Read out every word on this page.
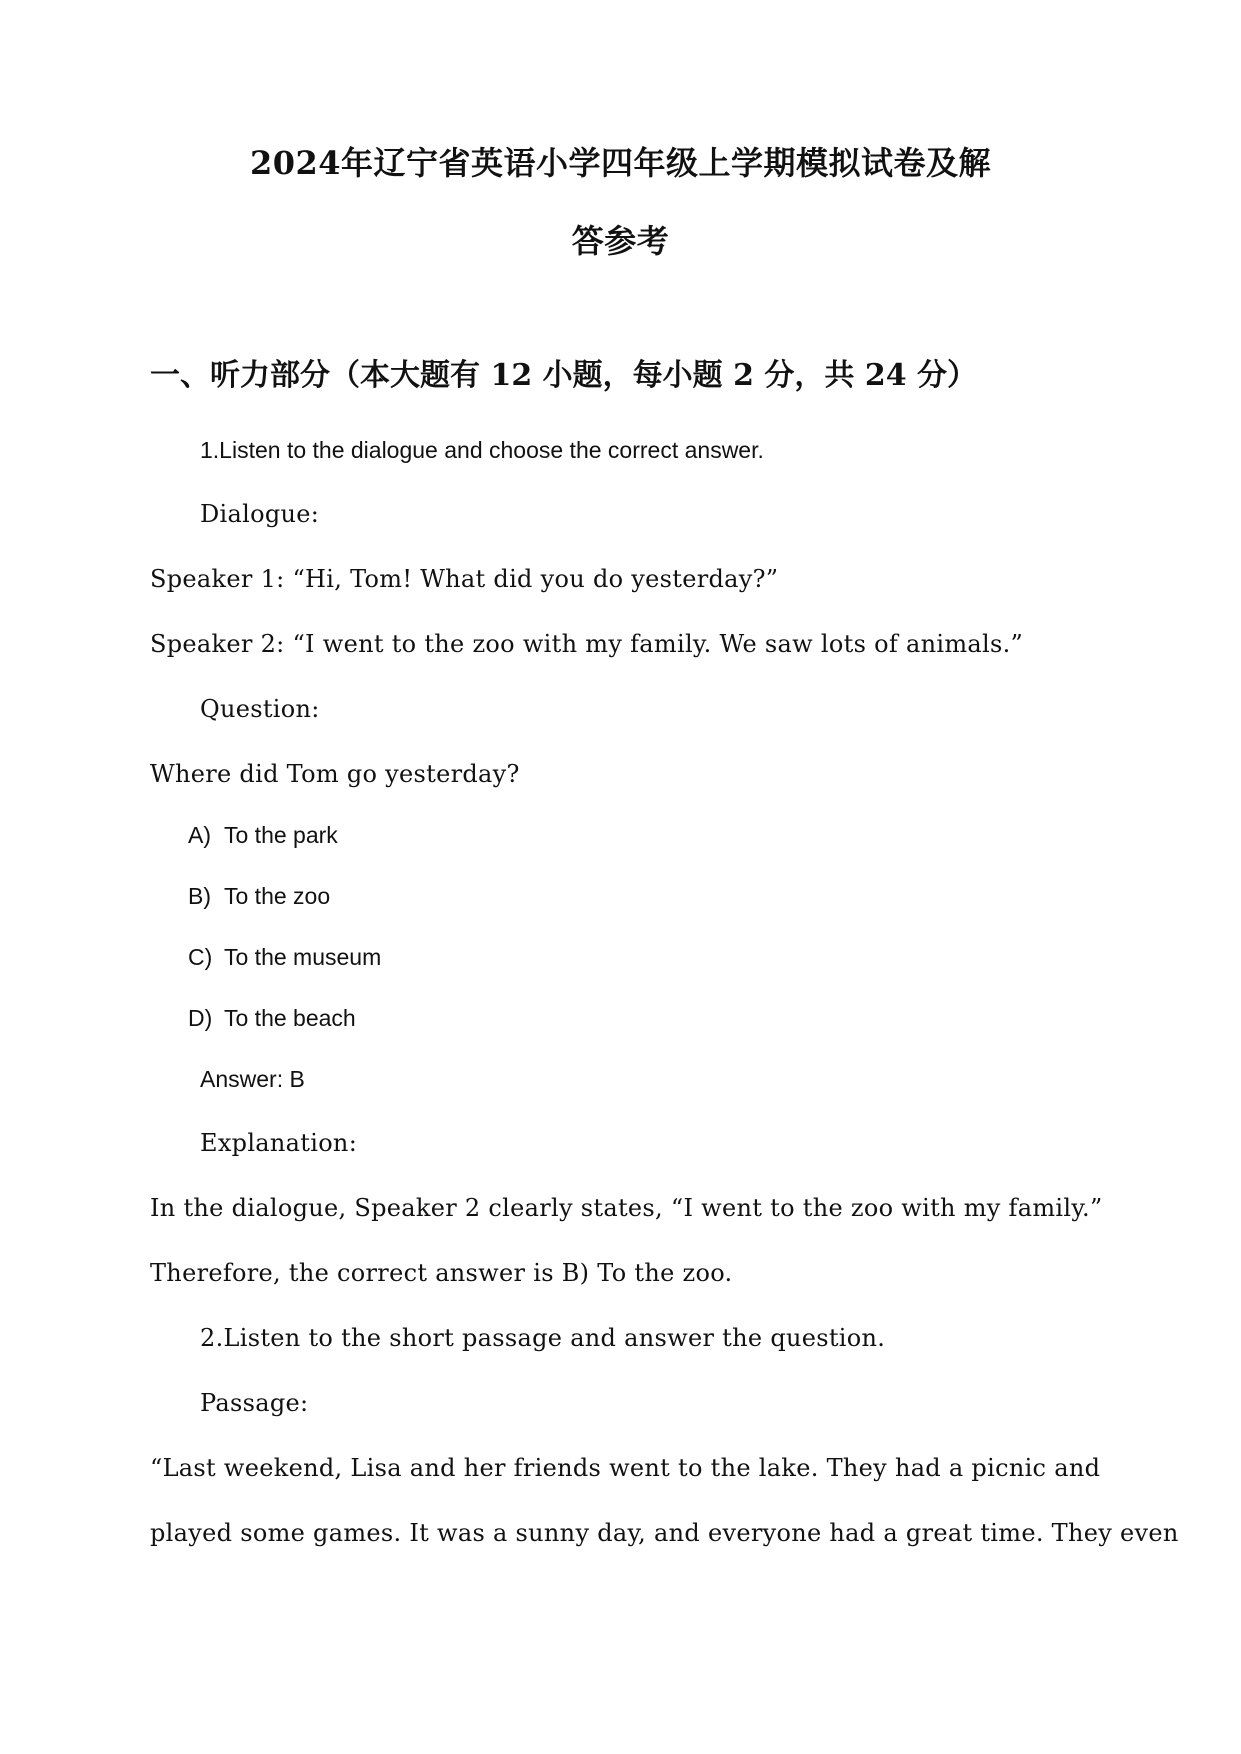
2024年辽宁省英语小学四年级上学期模拟试卷及解
答参考
一、听力部分（本大题有 12 小题，每小题 2 分，共 24 分）
1.Listen to the dialogue and choose the correct answer.
Dialogue:
Speaker 1: “Hi, Tom! What did you do yesterday?”
Speaker 2: “I went to the zoo with my family. We saw lots of animals.”
Question:
Where did Tom go yesterday?
A) To the park
B) To the zoo
C) To the museum
D) To the beach
Answer: B
Explanation:
In the dialogue, Speaker 2 clearly states, “I went to the zoo with my family.”
Therefore, the correct answer is B) To the zoo.
2.Listen to the short passage and answer the question.
Passage:
“Last weekend, Lisa and her friends went to the lake. They had a picnic and
played some games. It was a sunny day, and everyone had a great time. They even
